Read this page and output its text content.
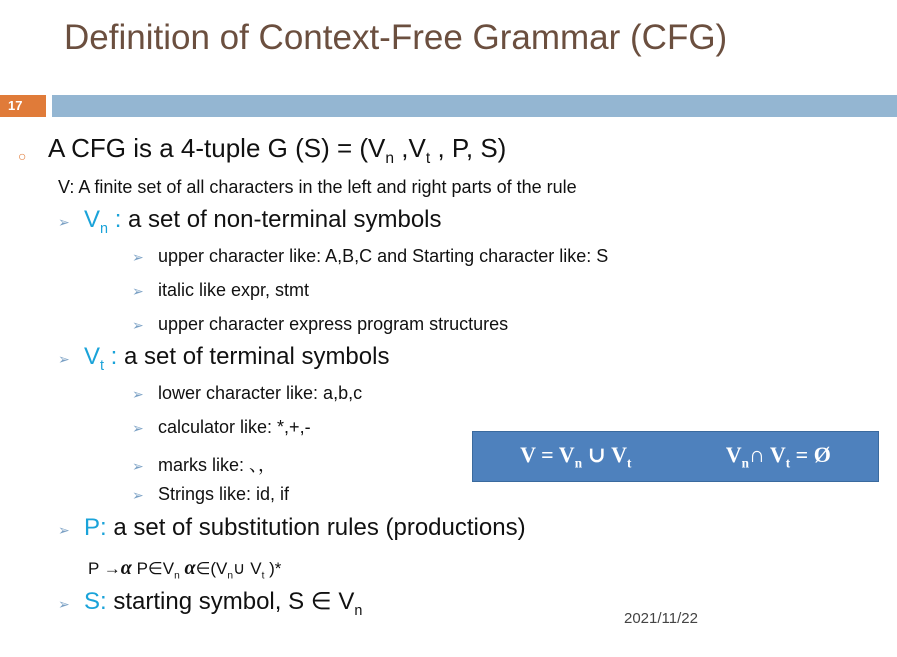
Definition of Context-Free Grammar (CFG)
17
○ A CFG is a 4-tuple G $(S) = (V_n$ $,V_t$ , P, S)
V: A finite set of all characters in the left and right parts of the rule
➢ $V_n$ : a set of non-terminal symbols
➢ upper character like: A,B,C and Starting character like: S
➢ italic like expr, stmt
➢ upper character express program structures
➢ $V_t$ : a set of terminal symbols
➢ lower character like: a,b,c
➢ calculator like: *,+,-
➢ marks like: 、，
➢ Strings like: id, if
$V = V_n$ ∪ $V_t$	$V_n\cap$ $V_t$ = Ø
➢ P: a set of substitution rules (productions)
P →α $P\in V_n$ $\alpha\in(V_n\cup$ $V_t$ )*
➢ S: starting symbol, S ∈ $V_n$	2021/11/22
